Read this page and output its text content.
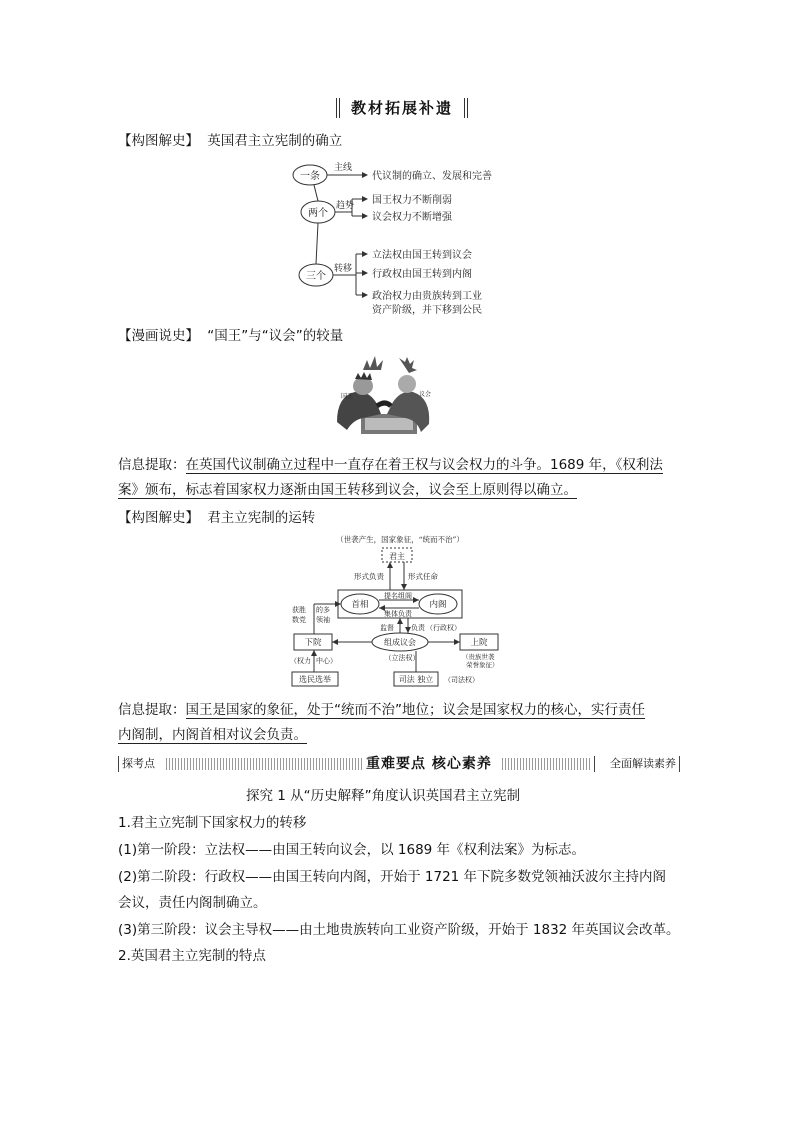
教材拓展补遗
【构图解史】 英国君主立宪制的确立
一条
两个
三个
主线
趋势
转移
代议制的确立、发展和完善
国王权力不断削弱
议会权力不断增强
立法权由国王转到议会
行政权由国王转到内阁
政治权力由贵族转到工业
资产阶级，并下移到公民
【漫画说史】 “国王”与“议会”的较量
国王	议会
信息提取：在英国代议制确立过程中一直存在着王权与议会权力的斗争。1689 年，《权利法
案》颁布，标志着国家权力逐渐由国王转移到议会，议会至上原则得以确立。
【构图解史】 君主立宪制的运转
（世袭产生，国家象征，“统而不治”）
君主
形式负责	形式任命
提名组阁
集体负责
首相	内阁
获胜 的多
数党 领袖
监督 负责 （行政权）
下院	上院
组成议会
（立法权）
（权力 中心）	（贵族世袭
荣誉象征）
选民选举	司法 独立 （司法权）
信息提取：国王是国家的象征，处于“统而不治”地位；议会是国家权力的核心，实行责任
内阁制，内阁首相对议会负责。
探考点	重难要点 核心素养	全面解读素养
探究 1 从“历史解释”角度认识英国君主立宪制
1.君主立宪制下国家权力的转移
(1)第一阶段：立法权——由国王转向议会，以 1689 年《权利法案》为标志。
(2)第二阶段：行政权——由国王转向内阁，开始于 1721 年下院多数党领袖沃波尔主持内阁
会议，责任内阁制确立。
(3)第三阶段：议会主导权——由土地贵族转向工业资产阶级，开始于 1832 年英国议会改革。
2.英国君主立宪制的特点
